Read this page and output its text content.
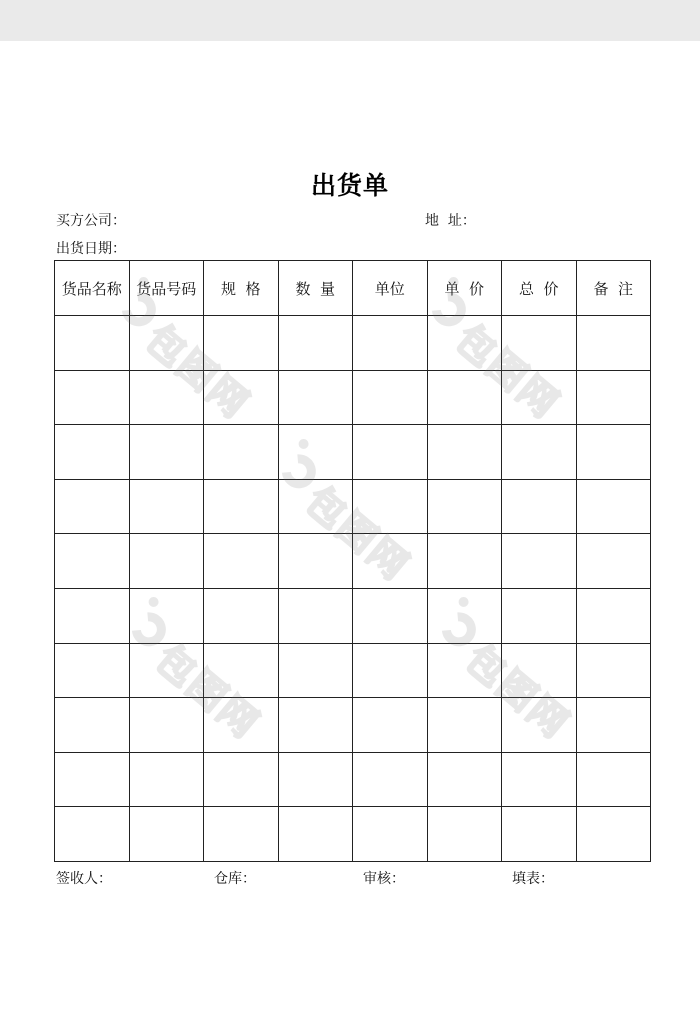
出货单
买方公司：	地  址：
出货日期：
货品名称	货品号码	规  格	数  量	单位	单  价	总  价	备  注

签收人：	仓库：	审核：	填表：
包图网	包图网
包图网
包图网	包图网
